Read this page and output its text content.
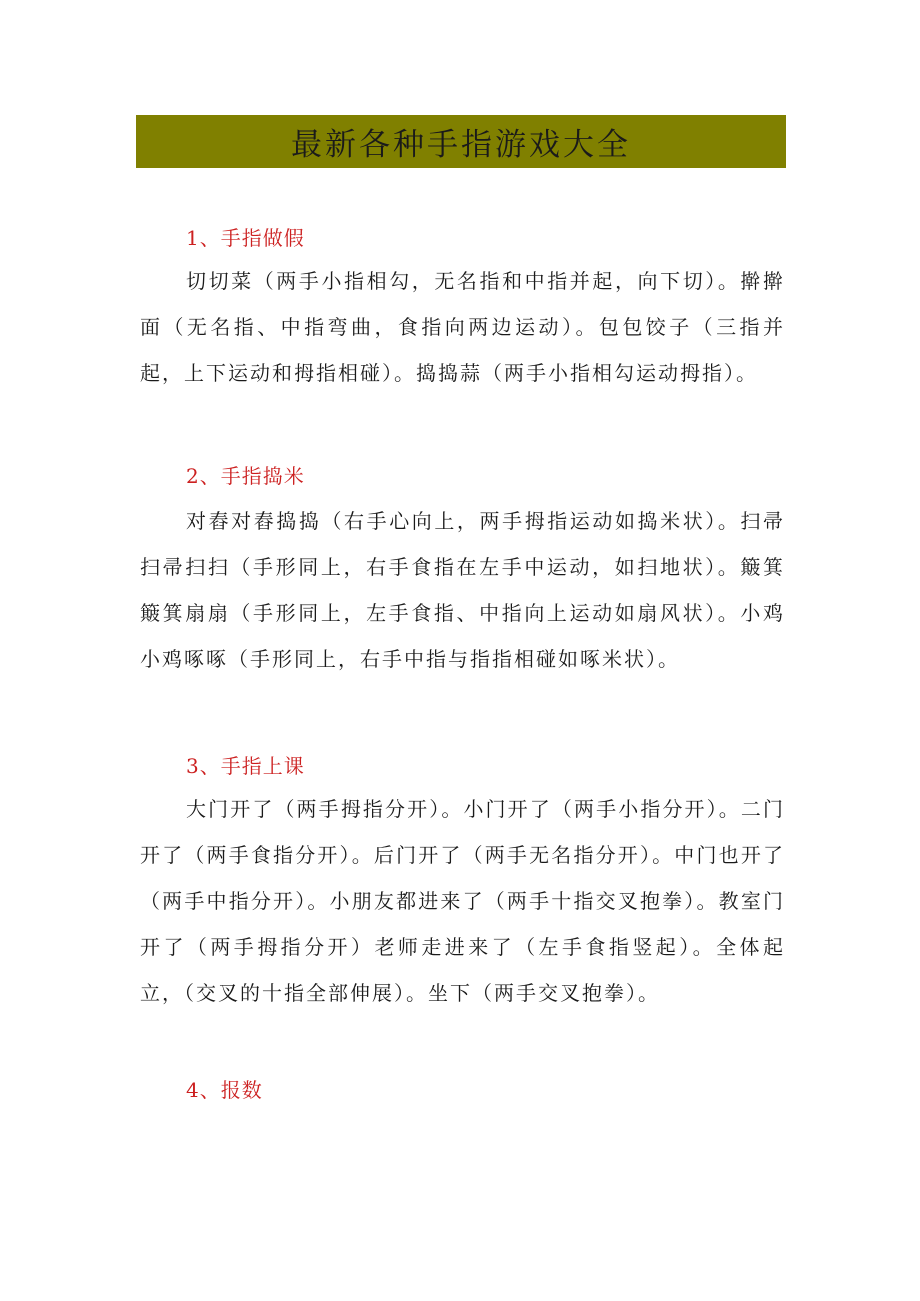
最新各种手指游戏大全
1、手指做假

切切菜（两手小指相勾，无名指和中指并起，向下切）。擀擀面（无名指、中指弯曲，食指向两边运动）。包包饺子（三指并起，上下运动和拇指相碰）。捣捣蒜（两手小指相勾运动拇指）。

2、手指捣米

对舂对舂捣捣（右手心向上，两手拇指运动如捣米状）。扫帚扫帚扫扫（手形同上，右手食指在左手中运动，如扫地状）。簸箕簸箕扇扇（手形同上，左手食指、中指向上运动如扇风状）。小鸡小鸡啄啄（手形同上，右手中指与指指相碰如啄米状）。

3、手指上课

大门开了（两手拇指分开）。小门开了（两手小指分开）。二门开了（两手食指分开）。后门开了（两手无名指分开）。中门也开了（两手中指分开）。小朋友都进来了（两手十指交叉抱拳）。教室门开了（两手拇指分开）老师走进来了（左手食指竖起）。全体起立，（交叉的十指全部伸展）。坐下（两手交叉抱拳）。

4、报数
